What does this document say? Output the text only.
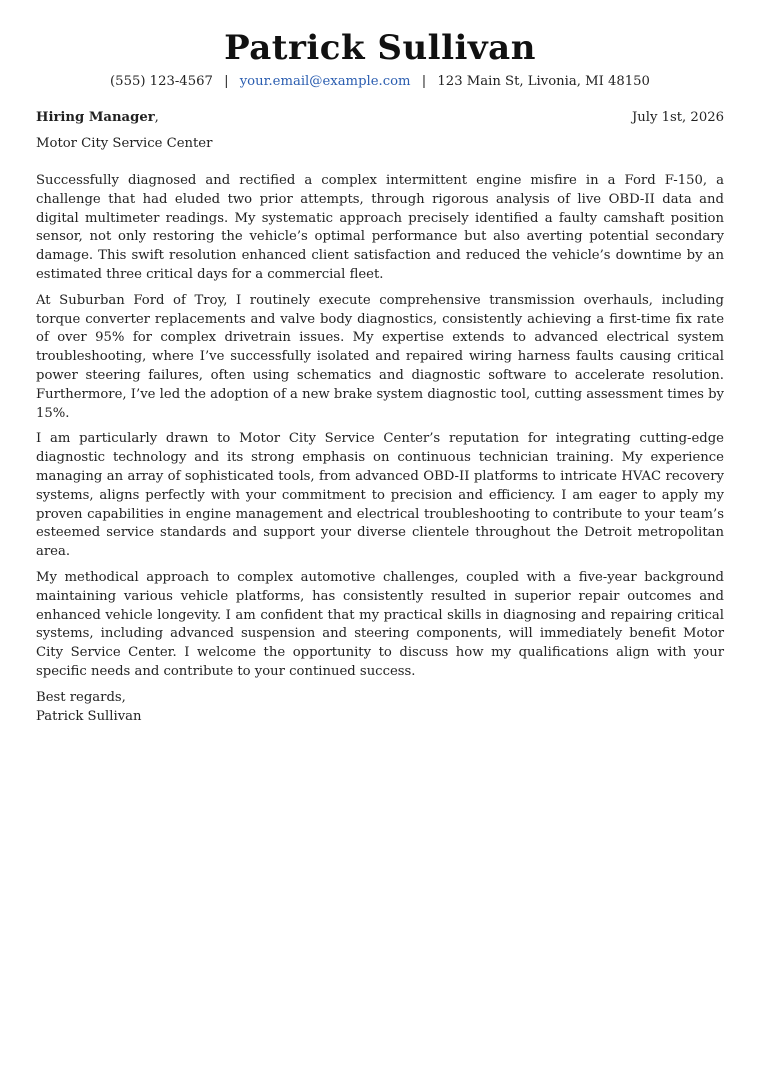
Patrick Sullivan
(555) 123-4567 | your.email@example.com | 123 Main St, Livonia, MI 48150
Hiring Manager,	July 1st, 2026
Motor City Service Center

Successfully diagnosed and rectified a complex intermittent engine misfire in a Ford F-150, a challenge that had eluded two prior attempts, through rigorous analysis of live OBD-II data and digital multimeter readings. My systematic approach precisely identified a faulty camshaft position sensor, not only restoring the vehicle’s optimal performance but also averting potential secondary damage. This swift resolution enhanced client satisfaction and reduced the vehicle’s downtime by an estimated three critical days for a commercial fleet.

At Suburban Ford of Troy, I routinely execute comprehensive transmission overhauls, including torque converter replacements and valve body diagnostics, consistently achieving a first-time fix rate of over 95% for complex drivetrain issues. My expertise extends to advanced electrical system troubleshooting, where I’ve successfully isolated and repaired wiring harness faults causing critical power steering failures, often using schematics and diagnostic software to accelerate resolution. Furthermore, I’ve led the adoption of a new brake system diagnostic tool, cutting assessment times by 15%.

I am particularly drawn to Motor City Service Center’s reputation for integrating cutting-edge diagnostic technology and its strong emphasis on continuous technician training. My experience managing an array of sophisticated tools, from advanced OBD-II platforms to intricate HVAC recovery systems, aligns perfectly with your commitment to precision and efficiency. I am eager to apply my proven capabilities in engine management and electrical troubleshooting to contribute to your team’s esteemed service standards and support your diverse clientele throughout the Detroit metropolitan area.

My methodical approach to complex automotive challenges, coupled with a five-year background maintaining various vehicle platforms, has consistently resulted in superior repair outcomes and enhanced vehicle longevity. I am confident that my practical skills in diagnosing and repairing critical systems, including advanced suspension and steering components, will immediately benefit Motor City Service Center. I welcome the opportunity to discuss how my qualifications align with your specific needs and contribute to your continued success.

Best regards,
Patrick Sullivan
